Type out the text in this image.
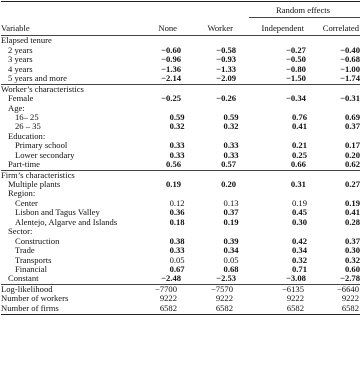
Random effects
Variable	None	Worker	Independent	Correlated
Elapsed tenure
2 years	−0.60	−0.58	−0.27	−0.40
3 years	−0.96	−0.93	−0.50	−0.68
4 years	−1.36	−1.33	−0.80	−1.00
5 years and more	−2.14	−2.09	−1.50	−1.74
Worker’s characteristics
Female	−0.25	−0.26	−0.34	−0.31
Age:
16– 25	0.59	0.59	0.76	0.69
26 – 35	0.32	0.32	0.41	0.37
Education:
Primary school	0.33	0.33	0.21	0.17
Lower secondary	0.33	0.33	0.25	0.20
Part-time	0.56	0.57	0.66	0.62
Firm’s characteristics
Multiple plants	0.19	0.20	0.31	0.27
Region:
Center	0.12	0.13	0.19	0.19
Lisbon and Tagus Valley	0.36	0.37	0.45	0.41
Alentejo, Algarve and Islands	0.18	0.19	0.30	0.28
Sector:
Construction	0.38	0.39	0.42	0.37
Trade	0.33	0.34	0.34	0.30
Transports	0.05	0.05	0.32	0.32
Financial	0.67	0.68	0.71	0.60
Constant	−2.48	−2.53	−3.08	−2.78
Log-likelihood	−7700	−7570	−6135	−6640
Number of workers	9222	9222	9222	9222
Number of firms	6582	6582	6582	6582
